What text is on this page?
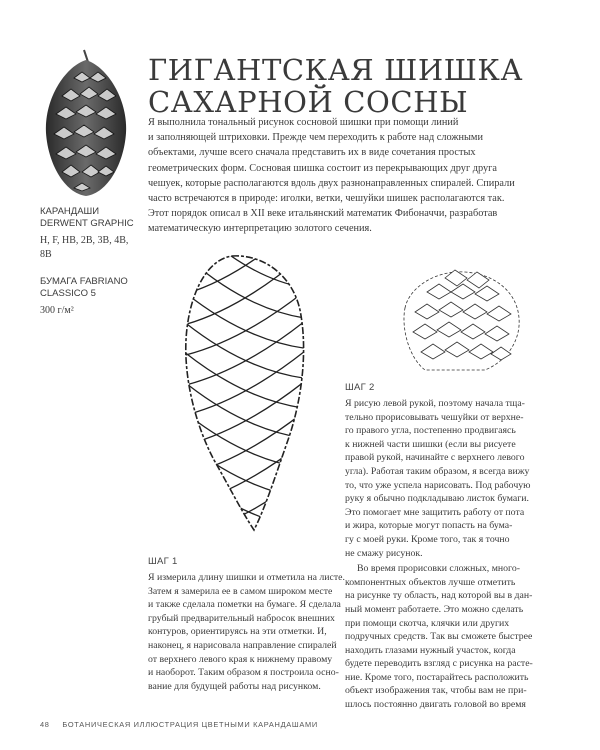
ГИГАНТСКАЯ ШИШКА
САХАРНОЙ СОСНЫ
Я выполнила тональный рисунок сосновой шишки при помощи линий
и заполняющей штриховки. Прежде чем переходить к работе над сложными
объектами, лучше всего сначала представить их в виде сочетания простых
геометрических форм. Сосновая шишка состоит из перекрывающих друг друга
чешуек, которые располагаются вдоль двух разнонаправленных спиралей. Спирали
часто встречаются в природе: иголки, ветки, чешуйки шишек располагаются так.
Этот порядок описал в XII веке итальянский математик Фибоначчи, разработав
математическую интерпретацию золотого сечения.
КАРАНДАШИ
DERWENT GRAPHIC
H, F, HB, 2B, 3B, 4B,
8B
БУМАГА FABRIANO
CLASSICO 5
300 г/м²
ШАГ 2
Я рисую левой рукой, поэтому начала тща-
тельно прорисовывать чешуйки от верхне-
го правого угла, постепенно продвигаясь
к нижней части шишки (если вы рисуете
правой рукой, начинайте с верхнего левого
угла). Работая таким образом, я всегда вижу
то, что уже успела нарисовать. Под рабочую
руку я обычно подкладываю листок бумаги.
Это помогает мне защитить работу от пота
и жира, которые могут попасть на бума-
гу с моей руки. Кроме того, так я точно
не смажу рисунок.
Во время прорисовки сложных, много-
компонентных объектов лучше отметить
на рисунке ту область, над которой вы в дан-
ный момент работаете. Это можно сделать
при помощи скотча, клячки или других
подручных средств. Так вы сможете быстрее
находить глазами нужный участок, когда
будете переводить взгляд с рисунка на расте-
ние. Кроме того, постарайтесь расположить
объект изображения так, чтобы вам не при-
шлось постоянно двигать головой во время
ШАГ 1
Я измерила длину шишки и отметила на листе.
Затем я замерила ее в самом широком месте
и также сделала пометки на бумаге. Я сделала
грубый предварительный набросок внешних
контуров, ориентируясь на эти отметки. И,
наконец, я нарисовала направление спиралей
от верхнего левого края к нижнему правому
и наоборот. Таким образом я построила осно-
вание для будущей работы над рисунком.
48 БОТАНИЧЕСКАЯ ИЛЛЮСТРАЦИЯ ЦВЕТНЫМИ КАРАНДАШАМИ
